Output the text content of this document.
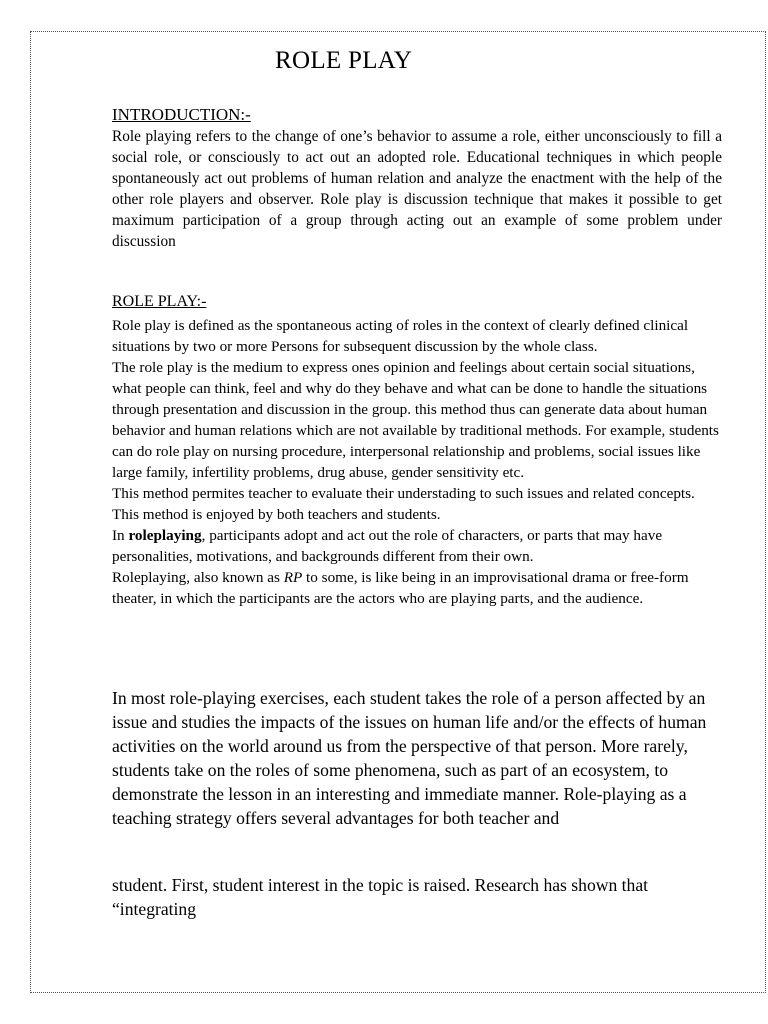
ROLE PLAY
INTRODUCTION:-

Role playing refers to the change of one’s behavior to assume a role, either unconsciously to fill a social role, or consciously to act out an adopted role. Educational techniques in which people spontaneously act out problems of human relation and analyze the enactment with the help of the other role players and observer. Role play is discussion technique that makes it possible to get maximum participation of a group through acting out an example of some problem under discussion

ROLE PLAY:-

Role play is defined as the spontaneous acting of roles in the context of clearly defined clinical situations by two or more Persons for subsequent discussion by the whole class.

The role play is the medium to express ones opinion and feelings about certain social situations, what people can think, feel and why do they behave and what can be done to handle the situations through presentation and discussion in the group. this method thus can generate data about human behavior and human relations which are not available by traditional methods. For example, students can do role play on nursing procedure, interpersonal relationship and problems, social issues like large family, infertility problems, drug abuse, gender sensitivity etc.

This method permites teacher to evaluate their understading to such issues and related concepts. This method is enjoyed by both teachers and students.

In roleplaying, participants adopt and act out the role of characters, or parts that may have personalities, motivations, and backgrounds different from their own.

Roleplaying, also known as RP to some, is like being in an improvisational drama or free-form theater, in which the participants are the actors who are playing parts, and the audience.

In most role-playing exercises, each student takes the role of a person affected by an issue and studies the impacts of the issues on human life and/or the effects of human activities on the world around us from the perspective of that person. More rarely, students take on the roles of some phenomena, such as part of an ecosystem, to demonstrate the lesson in an interesting and immediate manner. Role-playing as a teaching strategy offers several advantages for both teacher and

student. First, student interest in the topic is raised. Research has shown that “integrating
